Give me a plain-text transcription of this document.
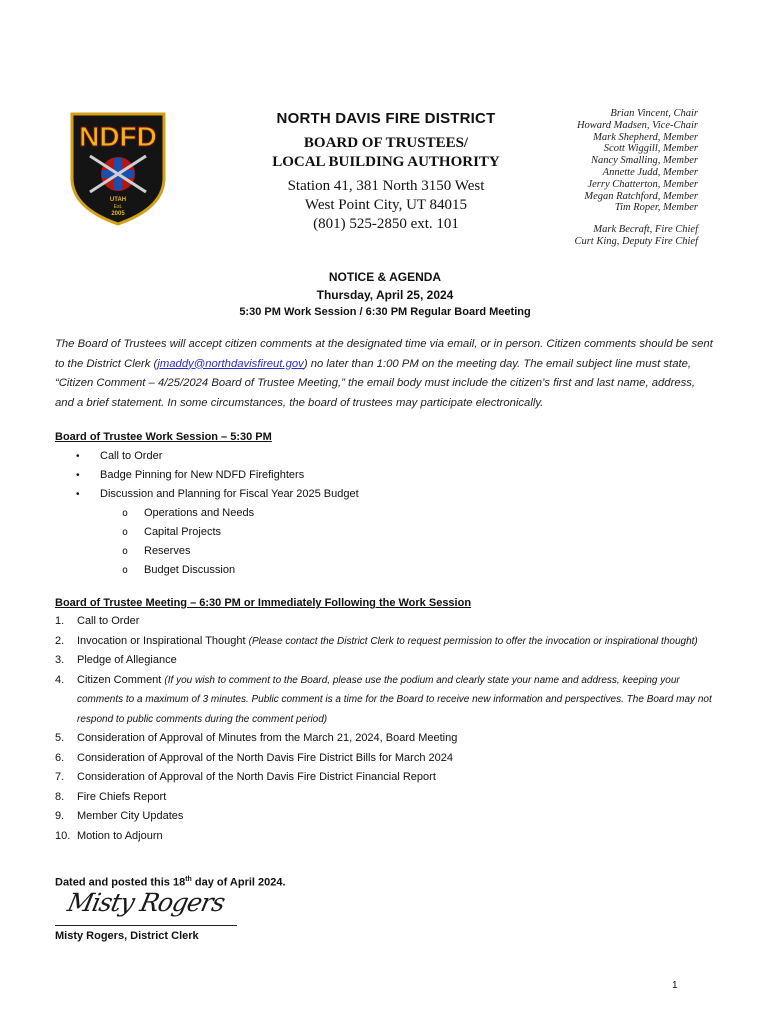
NDFD
UTAH
Est.
2005
NORTH DAVIS FIRE DISTRICT
BOARD OF TRUSTEES/
LOCAL BUILDING AUTHORITY
Station 41, 381 North 3150 West
West Point City, UT 84015
(801) 525-2850 ext. 101
Brian Vincent, Chair
Howard Madsen, Vice-Chair
Mark Shepherd, Member
Scott Wiggill, Member
Nancy Smalling, Member
Annette Judd, Member
Jerry Chatterton, Member
Megan Ratchford, Member
Tim Roper, Member
Mark Becraft, Fire Chief
Curt King, Deputy Fire Chief
NOTICE & AGENDA
Thursday, April 25, 2024
5:30 PM Work Session / 6:30 PM Regular Board Meeting
The Board of Trustees will accept citizen comments at the designated time via email, or in person. Citizen comments should be sent to the District Clerk (jmaddy@northdavisfireut.gov) no later than 1:00 PM on the meeting day. The email subject line must state, “Citizen Comment – 4/25/2024 Board of Trustee Meeting,” the email body must include the citizen’s first and last name, address, and a brief statement. In some circumstances, the board of trustees may participate electronically.
Board of Trustee Work Session – 5:30 PM
•	Call to Order
•	Badge Pinning for New NDFD Firefighters
•	Discussion and Planning for Fiscal Year 2025 Budget
o	Operations and Needs
o	Capital Projects
o	Reserves
o	Budget Discussion
Board of Trustee Meeting – 6:30 PM or Immediately Following the Work Session
1.	Call to Order
2.	Invocation or Inspirational Thought (Please contact the District Clerk to request permission to offer the invocation or inspirational thought)
3.	Pledge of Allegiance
4.	Citizen Comment (If you wish to comment to the Board, please use the podium and clearly state your name and address, keeping your comments to a maximum of 3 minutes. Public comment is a time for the Board to receive new information and perspectives. The Board may not respond to public comments during the comment period)
5.	Consideration of Approval of Minutes from the March 21, 2024, Board Meeting
6.	Consideration of Approval of the North Davis Fire District Bills for March 2024
7.	Consideration of Approval of the North Davis Fire District Financial Report
8.	Fire Chiefs Report
9.	Member City Updates
10. Motion to Adjourn
Dated and posted this 18th day of April 2024.
Misty Rogers
Misty Rogers, District Clerk
1
